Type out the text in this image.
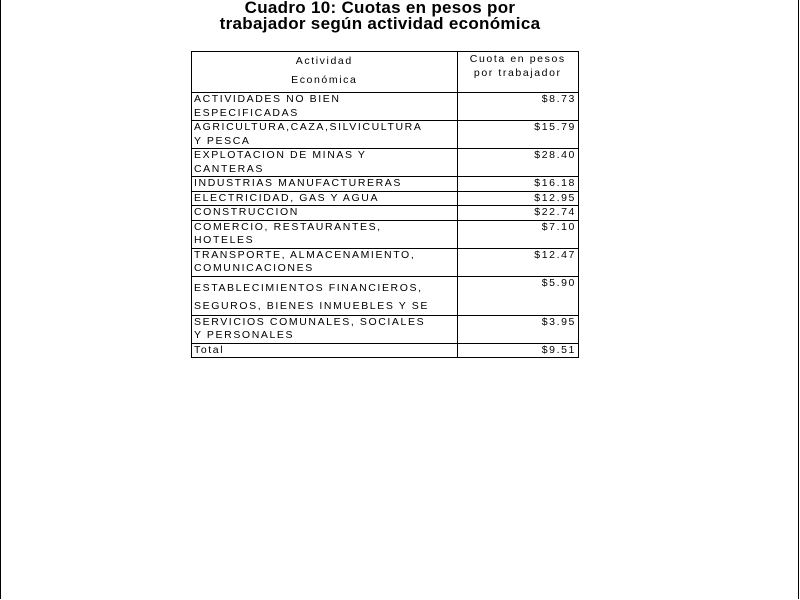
Cuadro 10: Cuotas en pesos por
trabajador según actividad económica
Actividad
Económica	Cuota en pesos
por trabajador

ACTIVIDADES NO BIEN
ESPECIFICADAS	$8.73
AGRICULTURA,CAZA,SILVICULTURA
Y PESCA	$15.79
EXPLOTACION DE MINAS Y
CANTERAS	$28.40
INDUSTRIAS MANUFACTURERAS	$16.18
ELECTRICIDAD, GAS Y AGUA	$12.95
CONSTRUCCION	$22.74
COMERCIO, RESTAURANTES,
HOTELES	$7.10
TRANSPORTE, ALMACENAMIENTO,
COMUNICACIONES	$12.47
ESTABLECIMIENTOS FINANCIEROS,
SEGUROS, BIENES INMUEBLES Y SE	$5.90
SERVICIOS COMUNALES, SOCIALES
Y PERSONALES	$3.95
Total	$9.51
